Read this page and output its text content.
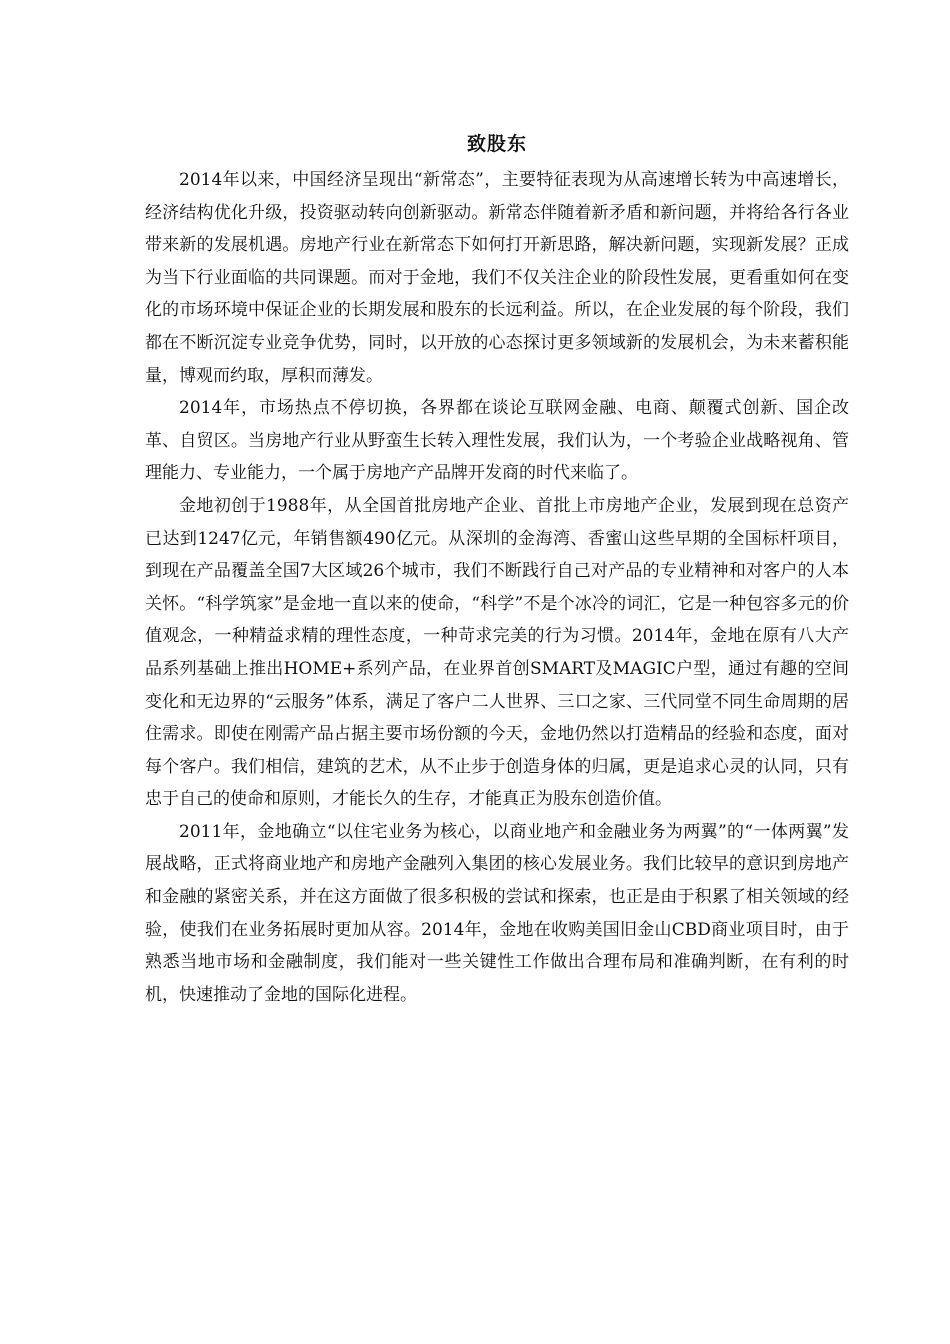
致股东

2014年以来，中国经济呈现出“新常态”，主要特征表现为从高速增长转为中高速增长，经济结构优化升级，投资驱动转向创新驱动。新常态伴随着新矛盾和新问题，并将给各行各业带来新的发展机遇。房地产行业在新常态下如何打开新思路，解决新问题，实现新发展？正成为当下行业面临的共同课题。而对于金地，我们不仅关注企业的阶段性发展，更看重如何在变化的市场环境中保证企业的长期发展和股东的长远利益。所以，在企业发展的每个阶段，我们都在不断沉淀专业竞争优势，同时，以开放的心态探讨更多领域新的发展机会，为未来蓄积能量，博观而约取，厚积而薄发。

2014年，市场热点不停切换，各界都在谈论互联网金融、电商、颠覆式创新、国企改革、自贸区。当房地产行业从野蛮生长转入理性发展，我们认为，一个考验企业战略视角、管理能力、专业能力，一个属于房地产产品牌开发商的时代来临了。

金地初创于1988年，从全国首批房地产企业、首批上市房地产企业，发展到现在总资产已达到1247亿元，年销售额490亿元。从深圳的金海湾、香蜜山这些早期的全国标杆项目，到现在产品覆盖全国7大区域26个城市，我们不断践行自己对产品的专业精神和对客户的人本关怀。“科学筑家”是金地一直以来的使命，“科学”不是个冰冷的词汇，它是一种包容多元的价值观念，一种精益求精的理性态度，一种苛求完美的行为习惯。2014年，金地在原有八大产品系列基础上推出HOME+系列产品，在业界首创SMART及MAGIC户型，通过有趣的空间变化和无边界的“云服务”体系，满足了客户二人世界、三口之家、三代同堂不同生命周期的居住需求。即使在刚需产品占据主要市场份额的今天，金地仍然以打造精品的经验和态度，面对每个客户。我们相信，建筑的艺术，从不止步于创造身体的归属，更是追求心灵的认同，只有忠于自己的使命和原则，才能长久的生存，才能真正为股东创造价值。

2011年，金地确立“以住宅业务为核心，以商业地产和金融业务为两翼”的“一体两翼”发展战略，正式将商业地产和房地产金融列入集团的核心发展业务。我们比较早的意识到房地产和金融的紧密关系，并在这方面做了很多积极的尝试和探索，也正是由于积累了相关领域的经验，使我们在业务拓展时更加从容。2014年，金地在收购美国旧金山CBD商业项目时，由于熟悉当地市场和金融制度，我们能对一些关键性工作做出合理布局和准确判断，在有利的时机，快速推动了金地的国际化进程。
